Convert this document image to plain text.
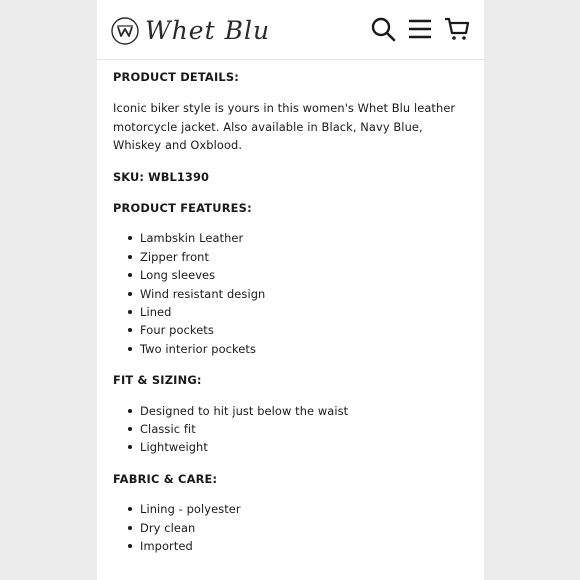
Whet Blu

PRODUCT DETAILS:

Iconic biker style is yours in this women's Whet Blu leather motorcycle jacket. Also available in Black, Navy Blue, Whiskey and Oxblood.

SKU: WBL1390

PRODUCT FEATURES:

Lambskin Leather
Zipper front
Long sleeves
Wind resistant design
Lined
Four pockets
Two interior pockets

FIT & SIZING:

Designed to hit just below the waist
Classic fit
Lightweight

FABRIC & CARE:

Lining - polyester
Dry clean
Imported
